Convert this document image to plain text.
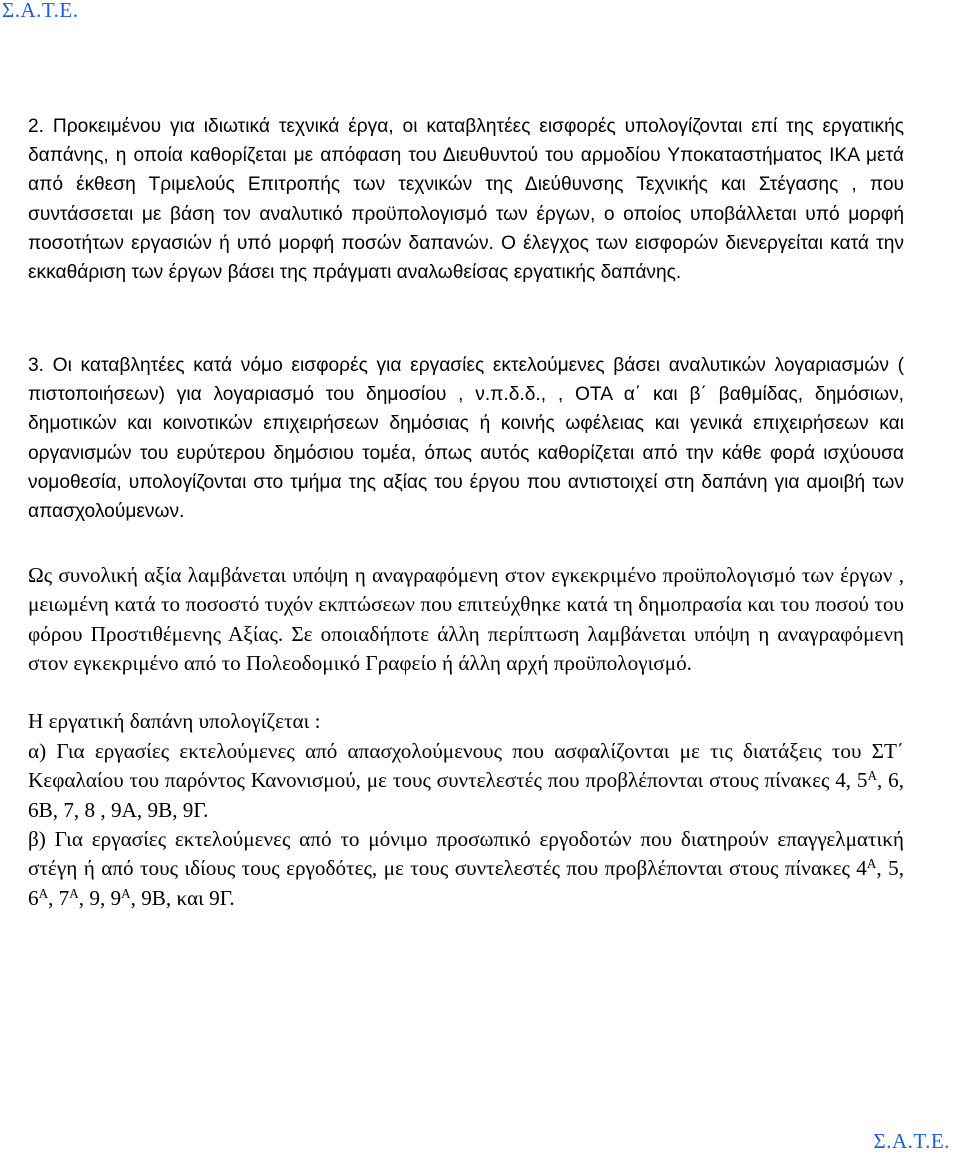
Σ.Α.Τ.Ε.

2. Προκειμένου για ιδιωτικά τεχνικά έργα, οι καταβλητέες εισφορές υπολογίζονται επί της εργατικής δαπάνης, η οποία καθορίζεται με απόφαση του Διευθυντού του αρμοδίου Υποκαταστήματος ΙΚΑ μετά από έκθεση Τριμελούς Επιτροπής των τεχνικών της Διεύθυνσης Τεχνικής και Στέγασης , που συντάσσεται με βάση τον αναλυτικό προϋπολογισμό των έργων, ο οποίος υποβάλλεται υπό μορφή ποσοτήτων εργασιών ή υπό μορφή ποσών δαπανών. Ο έλεγχος των εισφορών διενεργείται κατά την εκκαθάριση των έργων βάσει της πράγματι αναλωθείσας εργατικής δαπάνης.

3. Οι καταβλητέες κατά νόμο εισφορές για εργασίες εκτελούμενες βάσει αναλυτικών λογαριασμών ( πιστοποιήσεων) για λογαριασμό του δημοσίου , ν.π.δ.δ., , ΟΤΑ α΄ και β΄ βαθμίδας, δημόσιων, δημοτικών και κοινοτικών επιχειρήσεων δημόσιας ή κοινής ωφέλειας και γενικά επιχειρήσεων και οργανισμών του ευρύτερου δημόσιου τομέα, όπως αυτός καθορίζεται από την κάθε φορά ισχύουσα νομοθεσία, υπολογίζονται στο τμήμα της αξίας του έργου που αντιστοιχεί στη δαπάνη για αμοιβή των απασχολούμενων.

Ως συνολική αξία λαμβάνεται υπόψη η αναγραφόμενη στον εγκεκριμένο προϋπολογισμό των έργων , μειωμένη κατά το ποσοστό τυχόν εκπτώσεων που επιτεύχθηκε κατά τη δημοπρασία και του ποσού του φόρου Προστιθέμενης Αξίας. Σε οποιαδήποτε άλλη περίπτωση λαμβάνεται υπόψη η αναγραφόμενη στον εγκεκριμένο από το Πολεοδομικό Γραφείο ή άλλη αρχή προϋπολογισμό.

Η εργατική δαπάνη υπολογίζεται :

α) Για εργασίες εκτελούμενες από απασχολούμενους που ασφαλίζονται με τις διατάξεις του ΣΤ΄ Κεφαλαίου του παρόντος Κανονισμού, με τους συντελεστές που προβλέπονται στους πίνακες 4, $5^A$, 6, 6Β, 7, 8 , 9Α, 9Β, 9Γ.

β) Για εργασίες εκτελούμενες από το μόνιμο προσωπικό εργοδοτών που διατηρούν επαγγελματική στέγη ή από τους ιδίους τους εργοδότες, με τους συντελεστές που προβλέπονται στους πίνακες $4^A$, 5, $6^A$, $7^A$, 9, $9^A$, 9Β, και 9Γ.

Σ.Α.Τ.Ε.
